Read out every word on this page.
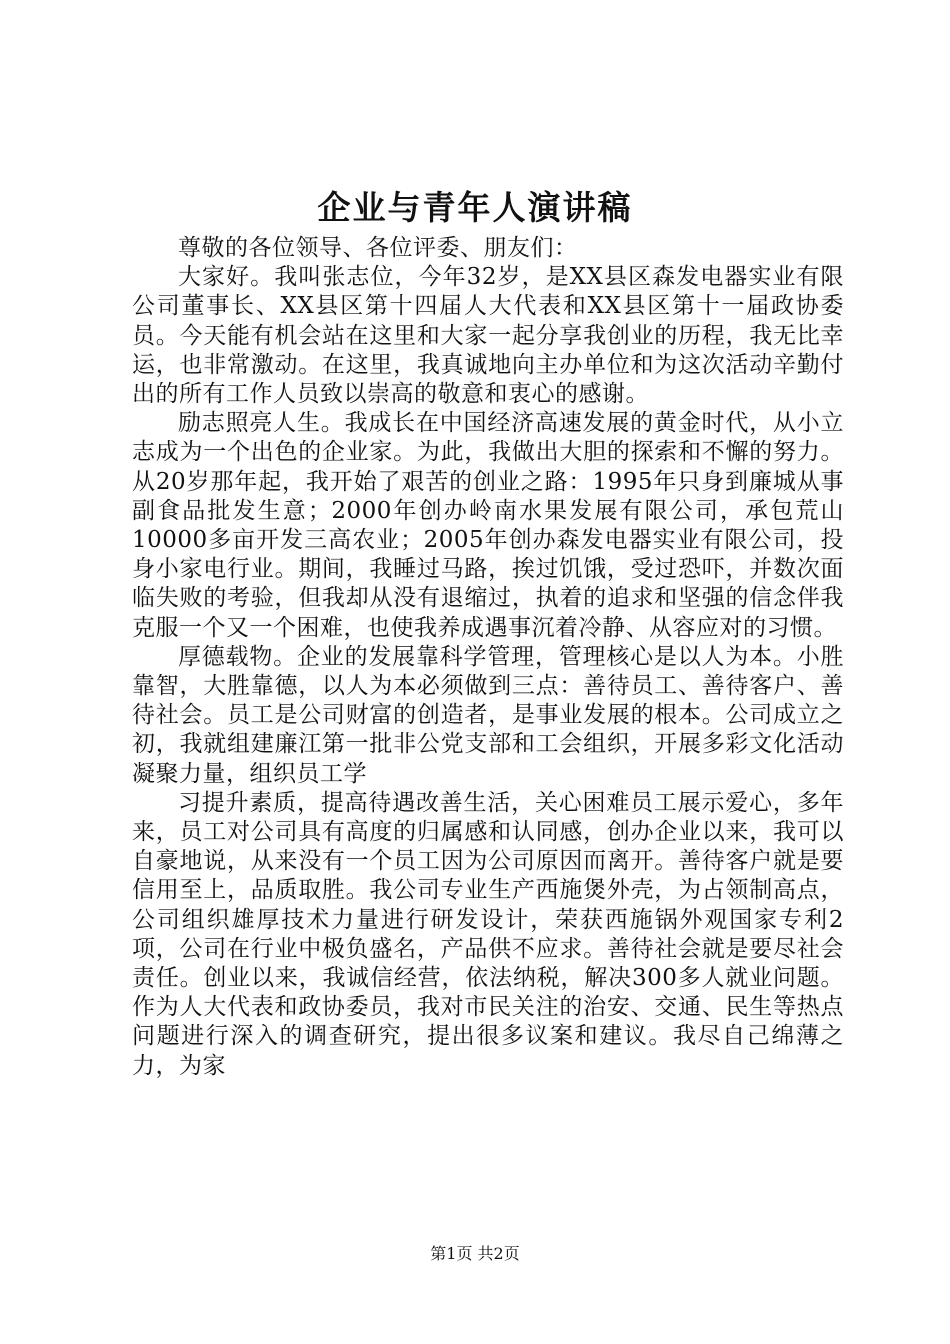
企业与青年人演讲稿

尊敬的各位领导、各位评委、朋友们：

大家好。我叫张志位，今年32岁，是XX县区森发电器实业有限公司董事长、XX县区第十四届人大代表和XX县区第十一届政协委员。今天能有机会站在这里和大家一起分享我创业的历程，我无比幸运，也非常激动。在这里，我真诚地向主办单位和为这次活动辛勤付出的所有工作人员致以崇高的敬意和衷心的感谢。

励志照亮人生。我成长在中国经济高速发展的黄金时代，从小立志成为一个出色的企业家。为此，我做出大胆的探索和不懈的努力。从20岁那年起，我开始了艰苦的创业之路：1995年只身到廉城从事副食品批发生意；2000年创办岭南水果发展有限公司，承包荒山10000多亩开发三高农业；2005年创办森发电器实业有限公司，投身小家电行业。期间，我睡过马路，挨过饥饿，受过恐吓，并数次面临失败的考验，但我却从没有退缩过，执着的追求和坚强的信念伴我克服一个又一个困难，也使我养成遇事沉着冷静、从容应对的习惯。

厚德载物。企业的发展靠科学管理，管理核心是以人为本。小胜靠智，大胜靠德，以人为本必须做到三点：善待员工、善待客户、善待社会。员工是公司财富的创造者，是事业发展的根本。公司成立之初，我就组建廉江第一批非公党支部和工会组织，开展多彩文化活动凝聚力量，组织员工学

习提升素质，提高待遇改善生活，关心困难员工展示爱心，多年来，员工对公司具有高度的归属感和认同感，创办企业以来，我可以自豪地说，从来没有一个员工因为公司原因而离开。善待客户就是要信用至上，品质取胜。我公司专业生产西施煲外壳，为占领制高点，公司组织雄厚技术力量进行研发设计，荣获西施锅外观国家专利2项，公司在行业中极负盛名，产品供不应求。善待社会就是要尽社会责任。创业以来，我诚信经营，依法纳税，解决300多人就业问题。作为人大代表和政协委员，我对市民关注的治安、交通、民生等热点问题进行深入的调查研究，提出很多议案和建议。我尽自己绵薄之力，为家

第1页 共2页
